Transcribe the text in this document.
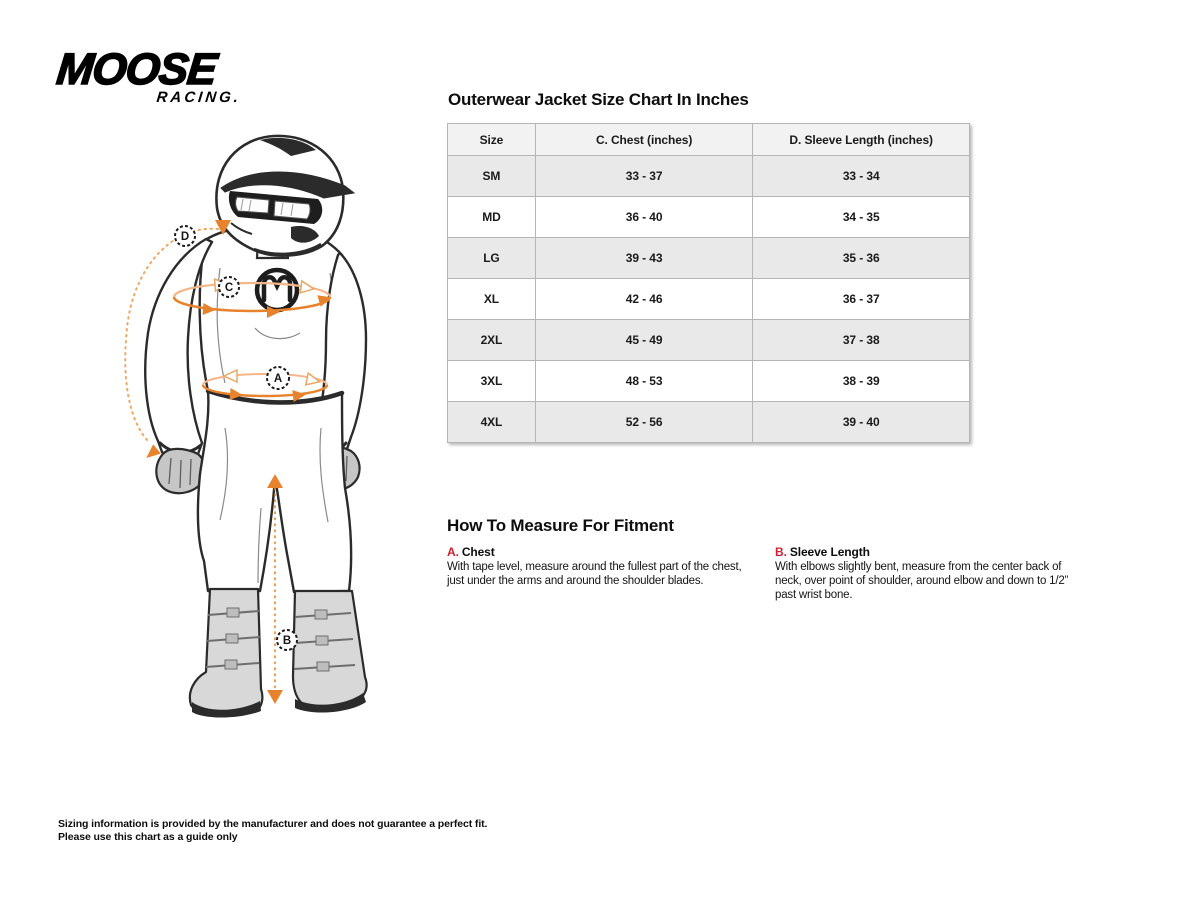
MOOSE
RACING.
D
C
A
B
Outerwear Jacket Size Chart In Inches
Size	C. Chest (inches)	D. Sleeve Length (inches)
SM	33 - 37	33 - 34
MD	36 - 40	34 - 35
LG	39 - 43	35 - 36
XL	42 - 46	36 - 37
2XL	45 - 49	37 - 38
3XL	48 - 53	38 - 39
4XL	52 - 56	39 - 40
How To Measure For Fitment
A. Chest

With tape level, measure around the fullest part of the chest, just under the arms and around the shoulder blades.

B. Sleeve Length

With elbows slightly bent, measure from the center back of neck, over point of shoulder, around elbow and down to 1/2” past wrist bone.

Sizing information is provided by the manufacturer and does not guarantee a perfect fit.
Please use this chart as a guide only
